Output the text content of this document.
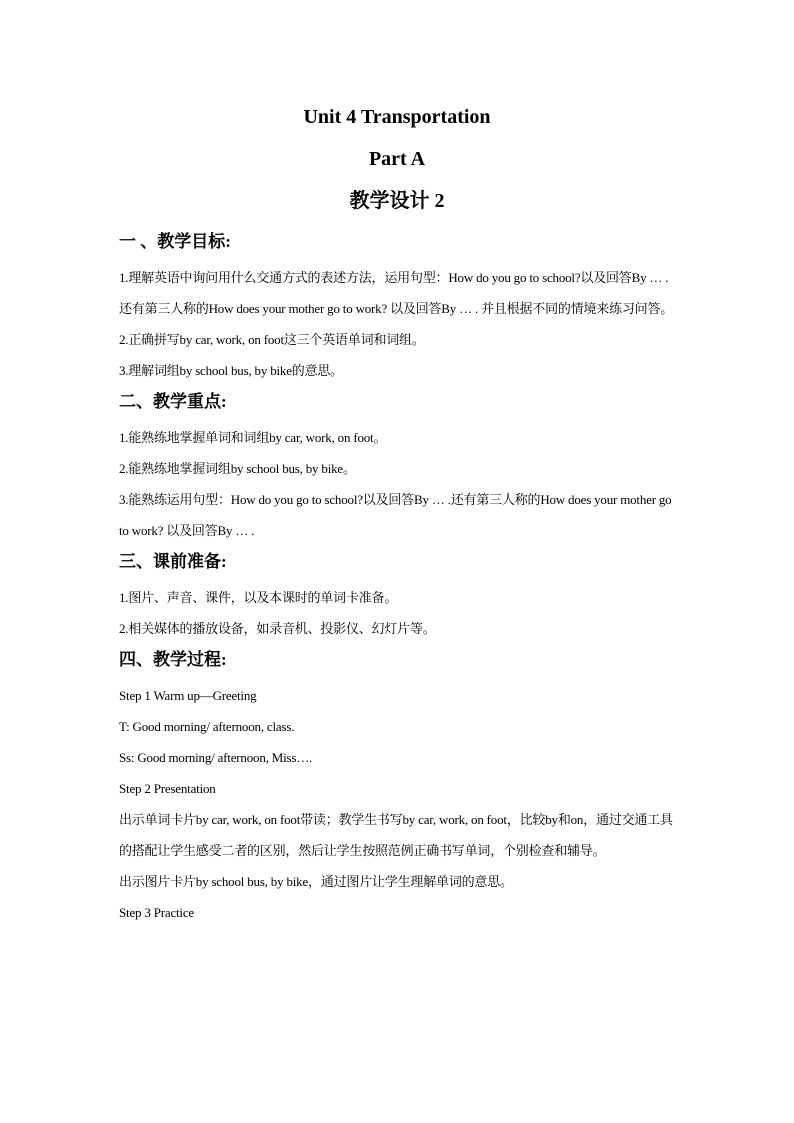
Unit 4 Transportation
Part A
教学设计 2
一 、教学目标:

1.理解英语中询问用什么交通方式的表述方法，运用句型：How do you go to school?以及回答By … .还有第三人称的How does your mother go to work? 以及回答By … . 并且根据不同的情境来练习问答。

2.正确拼写by car, work, on foot这三个英语单词和词组。

3.理解词组by school bus, by bike的意思。

二、教学重点:

1.能熟练地掌握单词和词组by car, work, on foot。

2.能熟练地掌握词组by school bus, by bike。

3.能熟练运用句型：How do you go to school?以及回答By … .还有第三人称的How does your mother go to work? 以及回答By … .

三、课前准备:

1.图片、声音、课件，以及本课时的单词卡准备。

2.相关媒体的播放设备，如录音机、投影仪、幻灯片等。

四、教学过程:

Step 1 Warm up—Greeting

T: Good morning/ afternoon, class.

Ss: Good morning/ afternoon, Miss….

Step 2 Presentation

出示单词卡片by car, work, on foot带读；教学生书写by car, work, on foot，比较by和on，通过交通工具的搭配让学生感受二者的区别，然后让学生按照范例正确书写单词，个别检查和辅导。

出示图片卡片by school bus, by bike，通过图片让学生理解单词的意思。

Step 3 Practice
